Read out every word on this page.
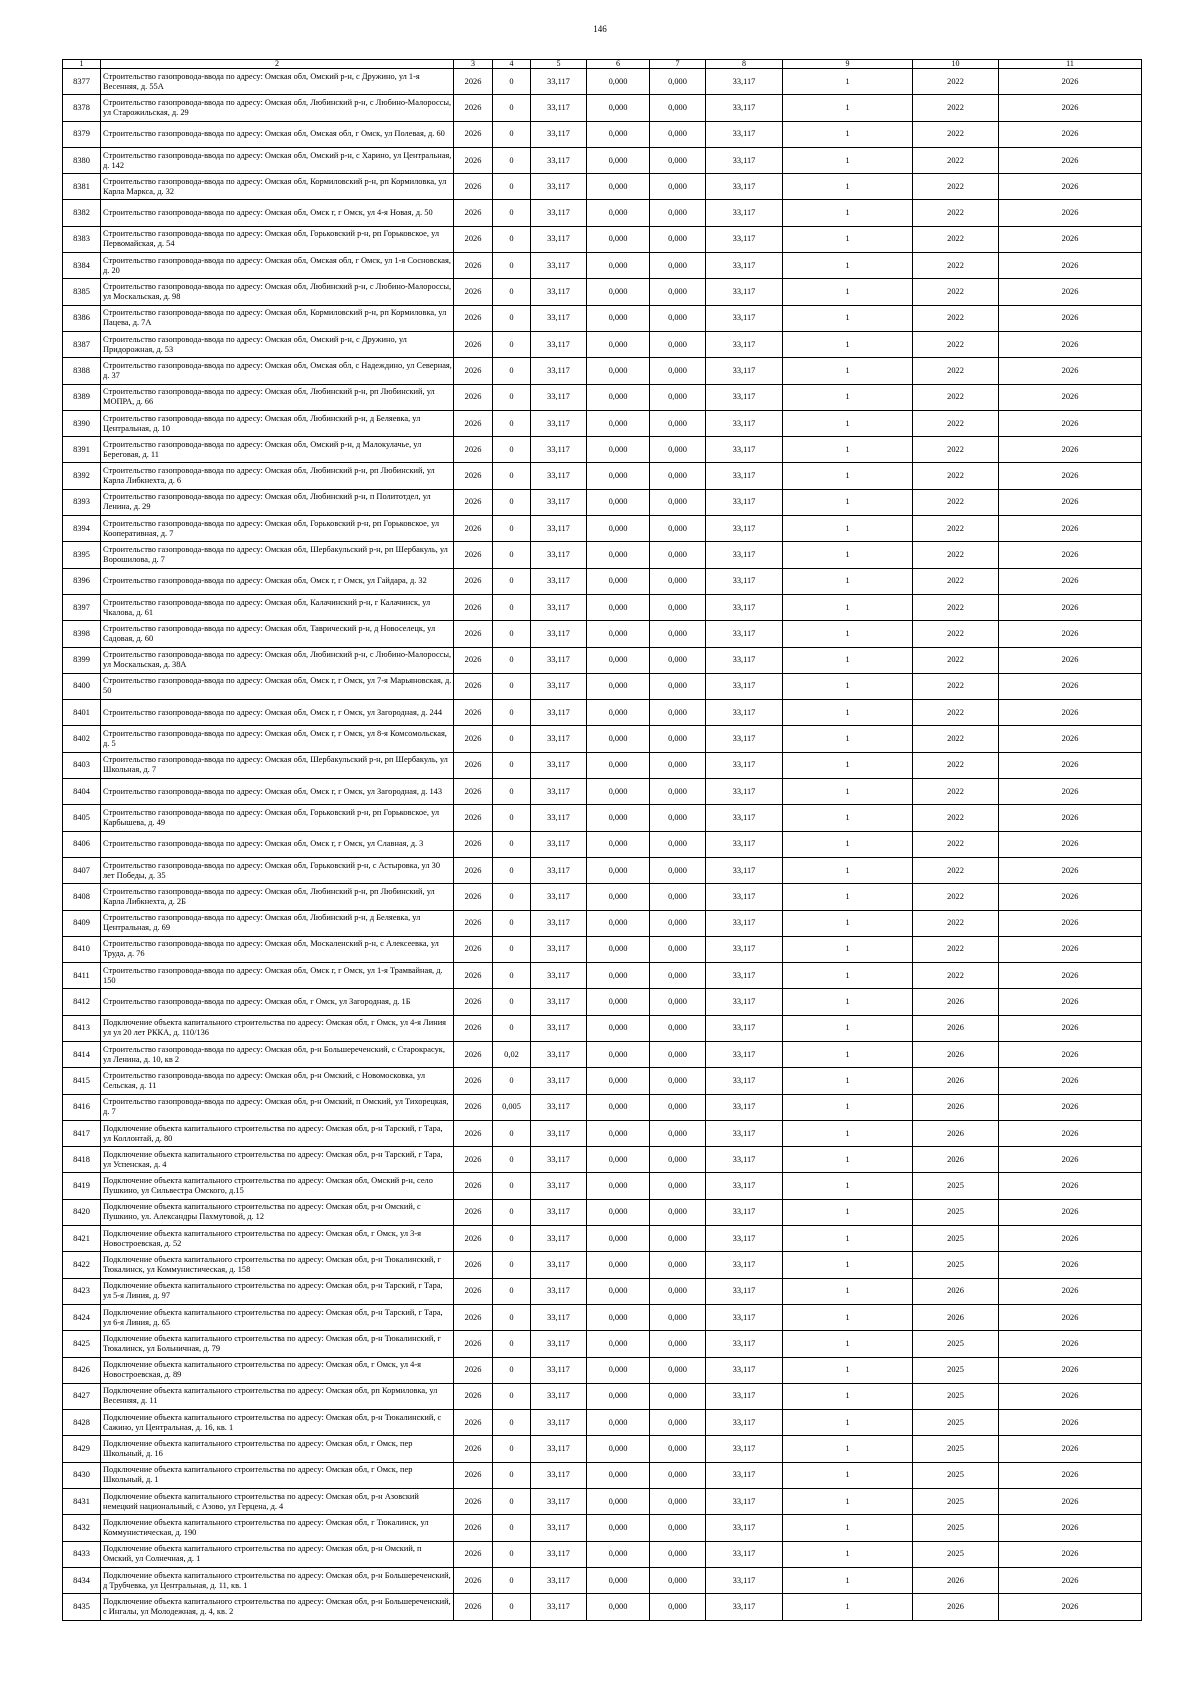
146
1	2	3	4	5	6	7	8	9	10	11
8377	Строительство газопровода-ввода по адресу: Омская обл, Омский р-н, с Дружино, ул 1-я Весенняя, д. 55А	2026	0	33,117	0,000	0,000	33,117	1	2022	2026
8378	Строительство газопровода-ввода по адресу: Омская обл, Любинский р-н, с Любино-Малороссы, ул Старожильская, д. 29	2026	0	33,117	0,000	0,000	33,117	1	2022	2026
8379	Строительство газопровода-ввода по адресу: Омская обл, Омская обл, г Омск, ул Полевая, д. 60	2026	0	33,117	0,000	0,000	33,117	1	2022	2026
8380	Строительство газопровода-ввода по адресу: Омская обл, Омский р-н, с Харино, ул Центральная, д. 142	2026	0	33,117	0,000	0,000	33,117	1	2022	2026
8381	Строительство газопровода-ввода по адресу: Омская обл, Кормиловский р-н, рп Кормиловка, ул Карла Маркса, д. 32	2026	0	33,117	0,000	0,000	33,117	1	2022	2026
8382	Строительство газопровода-ввода по адресу: Омская обл, Омск г, г Омск, ул 4-я Новая, д. 50	2026	0	33,117	0,000	0,000	33,117	1	2022	2026
8383	Строительство газопровода-ввода по адресу: Омская обл, Горьковский р-н, рп Горьковское, ул Первомайская, д. 54	2026	0	33,117	0,000	0,000	33,117	1	2022	2026
8384	Строительство газопровода-ввода по адресу: Омская обл, Омская обл, г Омск, ул 1-я Сосновская, д. 20	2026	0	33,117	0,000	0,000	33,117	1	2022	2026
8385	Строительство газопровода-ввода по адресу: Омская обл, Любинский р-н, с Любино-Малороссы, ул Москальская, д. 98	2026	0	33,117	0,000	0,000	33,117	1	2022	2026
8386	Строительство газопровода-ввода по адресу: Омская обл, Кормиловский р-н, рп Кормиловка, ул Пацева, д. 7А	2026	0	33,117	0,000	0,000	33,117	1	2022	2026
8387	Строительство газопровода-ввода по адресу: Омская обл, Омский р-н, с Дружино, ул Придорожная, д. 53	2026	0	33,117	0,000	0,000	33,117	1	2022	2026
8388	Строительство газопровода-ввода по адресу: Омская обл, Омская обл, с Надеждино, ул Северная, д. 37	2026	0	33,117	0,000	0,000	33,117	1	2022	2026
8389	Строительство газопровода-ввода по адресу: Омская обл, Любинский р-н, рп Любинский, ул МОПРА, д. 66	2026	0	33,117	0,000	0,000	33,117	1	2022	2026
8390	Строительство газопровода-ввода по адресу: Омская обл, Любинский р-н, д Беляевка, ул Центральная, д. 10	2026	0	33,117	0,000	0,000	33,117	1	2022	2026
8391	Строительство газопровода-ввода по адресу: Омская обл, Омский р-н, д Малокулачье, ул Береговая, д. 11	2026	0	33,117	0,000	0,000	33,117	1	2022	2026
8392	Строительство газопровода-ввода по адресу: Омская обл, Любинский р-н, рп Любинский, ул Карла Либкнехта, д. 6	2026	0	33,117	0,000	0,000	33,117	1	2022	2026
8393	Строительство газопровода-ввода по адресу: Омская обл, Любинский р-н, п Политотдел, ул Ленина, д. 29	2026	0	33,117	0,000	0,000	33,117	1	2022	2026
8394	Строительство газопровода-ввода по адресу: Омская обл, Горьковский р-н, рп Горьковское, ул Кооперативная, д. 7	2026	0	33,117	0,000	0,000	33,117	1	2022	2026
8395	Строительство газопровода-ввода по адресу: Омская обл, Шербакульский р-н, рп Шербакуль, ул Ворошилова, д. 7	2026	0	33,117	0,000	0,000	33,117	1	2022	2026
8396	Строительство газопровода-ввода по адресу: Омская обл, Омск г, г Омск, ул Гайдара, д. 32	2026	0	33,117	0,000	0,000	33,117	1	2022	2026
8397	Строительство газопровода-ввода по адресу: Омская обл, Калачинский р-н, г Калачинск, ул Чкалова, д. 61	2026	0	33,117	0,000	0,000	33,117	1	2022	2026
8398	Строительство газопровода-ввода по адресу: Омская обл, Таврический р-н, д Новоселецк, ул Садовая, д. 60	2026	0	33,117	0,000	0,000	33,117	1	2022	2026
8399	Строительство газопровода-ввода по адресу: Омская обл, Любинский р-н, с Любино-Малороссы, ул Москальская, д. 38А	2026	0	33,117	0,000	0,000	33,117	1	2022	2026
8400	Строительство газопровода-ввода по адресу: Омская обл, Омск г, г Омск, ул 7-я Марьяновская, д. 50	2026	0	33,117	0,000	0,000	33,117	1	2022	2026
8401	Строительство газопровода-ввода по адресу: Омская обл, Омск г, г Омск, ул Загородная, д. 244	2026	0	33,117	0,000	0,000	33,117	1	2022	2026
8402	Строительство газопровода-ввода по адресу: Омская обл, Омск г, г Омск, ул 8-я Комсомольская, д. 5	2026	0	33,117	0,000	0,000	33,117	1	2022	2026
8403	Строительство газопровода-ввода по адресу: Омская обл, Шербакульский р-н, рп Шербакуль, ул Школьная, д. 7	2026	0	33,117	0,000	0,000	33,117	1	2022	2026
8404	Строительство газопровода-ввода по адресу: Омская обл, Омск г, г Омск, ул Загородная, д. 143	2026	0	33,117	0,000	0,000	33,117	1	2022	2026
8405	Строительство газопровода-ввода по адресу: Омская обл, Горьковский р-н, рп Горьковское, ул Карбышева, д. 49	2026	0	33,117	0,000	0,000	33,117	1	2022	2026
8406	Строительство газопровода-ввода по адресу: Омская обл, Омск г, г Омск, ул Славная, д. 3	2026	0	33,117	0,000	0,000	33,117	1	2022	2026
8407	Строительство газопровода-ввода по адресу: Омская обл, Горьковский р-н, с Астыровка, ул 30 лет Победы, д. 35	2026	0	33,117	0,000	0,000	33,117	1	2022	2026
8408	Строительство газопровода-ввода по адресу: Омская обл, Любинский р-н, рп Любинский, ул Карла Либкнехта, д. 2Б	2026	0	33,117	0,000	0,000	33,117	1	2022	2026
8409	Строительство газопровода-ввода по адресу: Омская обл, Любинский р-н, д Беляевка, ул Центральная, д. 69	2026	0	33,117	0,000	0,000	33,117	1	2022	2026
8410	Строительство газопровода-ввода по адресу: Омская обл, Москаленский р-н, с Алексеевка, ул Труда, д. 76	2026	0	33,117	0,000	0,000	33,117	1	2022	2026
8411	Строительство газопровода-ввода по адресу: Омская обл, Омск г, г Омск, ул 1-я Трамвайная, д. 150	2026	0	33,117	0,000	0,000	33,117	1	2022	2026
8412	Строительство газопровода-ввода по адресу: Омская обл, г Омск, ул Загородная, д. 1Б	2026	0	33,117	0,000	0,000	33,117	1	2026	2026
8413	Подключение объекта капитального строительства по адресу: Омская обл, г Омск, ул 4-я Линия ул ул 20 лет РККА, д. 110/136	2026	0	33,117	0,000	0,000	33,117	1	2026	2026
8414	Строительство газопровода-ввода по адресу: Омская обл, р-н Большереченский, с Старокрасук, ул Ленина, д. 10, кв 2	2026	0,02	33,117	0,000	0,000	33,117	1	2026	2026
8415	Строительство газопровода-ввода по адресу: Омская обл, р-н Омский, с Новомосковка, ул Сельская, д. 11	2026	0	33,117	0,000	0,000	33,117	1	2026	2026
8416	Строительство газопровода-ввода по адресу: Омская обл, р-н Омский, п Омский, ул Тихорецкая, д. 7	2026	0,005	33,117	0,000	0,000	33,117	1	2026	2026
8417	Подключение объекта капитального строительства по адресу: Омская обл, р-н Тарский, г Тара, ул Коллонтай, д. 80	2026	0	33,117	0,000	0,000	33,117	1	2026	2026
8418	Подключение объекта капитального строительства по адресу: Омская обл, р-н Тарский, г Тара, ул Успенская, д. 4	2026	0	33,117	0,000	0,000	33,117	1	2026	2026
8419	Подключение объекта капитального строительства по адресу: Омская обл, Омский р-н, село Пушкино, ул Сильвестра Омского, д.15	2026	0	33,117	0,000	0,000	33,117	1	2025	2026
8420	Подключение объекта капитального строительства по адресу: Омская обл, р-н Омский, с Пушкино, ул. Александры Пахмутовой, д. 12	2026	0	33,117	0,000	0,000	33,117	1	2025	2026
8421	Подключение объекта капитального строительства по адресу: Омская обл, г Омск, ул 3-я Новостроевская, д. 52	2026	0	33,117	0,000	0,000	33,117	1	2025	2026
8422	Подключение объекта капитального строительства по адресу: Омская обл, р-н Тюкалинский, г Тюкалинск, ул Коммунистическая, д. 158	2026	0	33,117	0,000	0,000	33,117	1	2025	2026
8423	Подключение объекта капитального строительства по адресу: Омская обл, р-н Тарский, г Тара, ул 5-я Линия, д. 97	2026	0	33,117	0,000	0,000	33,117	1	2026	2026
8424	Подключение объекта капитального строительства по адресу: Омская обл, р-н Тарский, г Тара, ул 6-я Линия, д. 65	2026	0	33,117	0,000	0,000	33,117	1	2026	2026
8425	Подключение объекта капитального строительства по адресу: Омская обл, р-н Тюкалинский, г Тюкалинск, ул Больничная, д. 79	2026	0	33,117	0,000	0,000	33,117	1	2025	2026
8426	Подключение объекта капитального строительства по адресу: Омская обл, г Омск, ул 4-я Новостроевская, д. 89	2026	0	33,117	0,000	0,000	33,117	1	2025	2026
8427	Подключение объекта капитального строительства по адресу: Омская обл, рп Кормиловка, ул Весенняя, д. 11	2026	0	33,117	0,000	0,000	33,117	1	2025	2026
8428	Подключение объекта капитального строительства по адресу: Омская обл, р-н Тюкалинский, с Сажино, ул Центральная, д. 16, кв. 1	2026	0	33,117	0,000	0,000	33,117	1	2025	2026
8429	Подключение объекта капитального строительства по адресу: Омская обл, г Омск, пер Школьный, д. 16	2026	0	33,117	0,000	0,000	33,117	1	2025	2026
8430	Подключение объекта капитального строительства по адресу: Омская обл, г Омск, пер Школьный, д. 1	2026	0	33,117	0,000	0,000	33,117	1	2025	2026
8431	Подключение объекта капитального строительства по адресу: Омская обл, р-н Азовский немецкий национальный, с Азово, ул Герцена, д. 4	2026	0	33,117	0,000	0,000	33,117	1	2025	2026
8432	Подключение объекта капитального строительства по адресу: Омская обл, г Тюкалинск, ул Коммунистическая, д. 190	2026	0	33,117	0,000	0,000	33,117	1	2025	2026
8433	Подключение объекта капитального строительства по адресу: Омская обл, р-н Омский, п Омский, ул Солнечная, д. 1	2026	0	33,117	0,000	0,000	33,117	1	2025	2026
8434	Подключение объекта капитального строительства по адресу: Омская обл, р-н Большереченский, д Трубчевка, ул Центральная, д. 11, кв. 1	2026	0	33,117	0,000	0,000	33,117	1	2026	2026
8435	Подключение объекта капитального строительства по адресу: Омская обл, р-н Большереченский, с Ингалы, ул Молодежная, д. 4, кв. 2	2026	0	33,117	0,000	0,000	33,117	1	2026	2026
